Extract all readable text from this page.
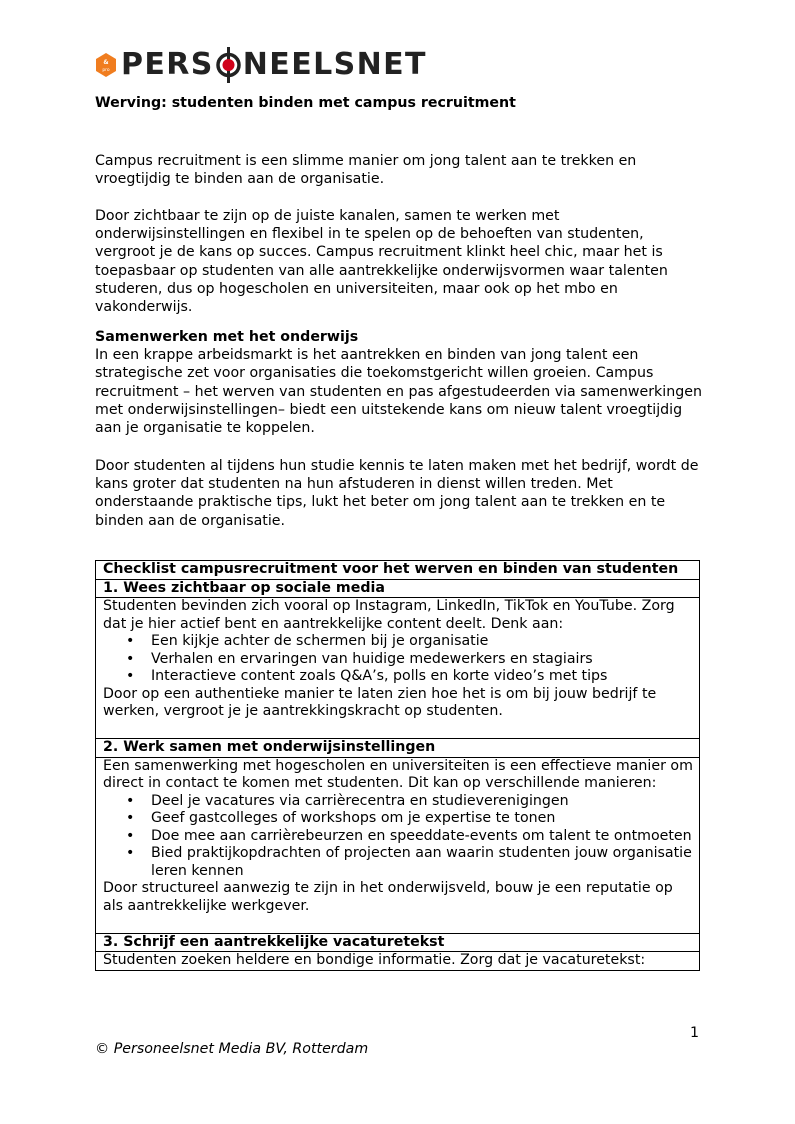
&
pro PERS NEELSNET
Werving: studenten binden met campus recruitment

Campus recruitment is een slimme manier om jong talent aan te trekken en vroegtijdig te binden aan de organisatie.

Door zichtbaar te zijn op de juiste kanalen, samen te werken met onderwijsinstellingen en flexibel in te spelen op de behoeften van studenten, vergroot je de kans op succes. Campus recruitment klinkt heel chic, maar het is toepasbaar op studenten van alle aantrekkelijke onderwijsvormen waar talenten studeren, dus op hogescholen en universiteiten, maar ook op het mbo en vakonderwijs.

Samenwerken met het onderwijs
In een krappe arbeidsmarkt is het aantrekken en binden van jong talent een strategische zet voor organisaties die toekomstgericht willen groeien. Campus recruitment – het werven van studenten en pas afgestudeerden via samenwerkingen met onderwijsinstellingen– biedt een uitstekende kans om nieuw talent vroegtijdig aan je organisatie te koppelen.

Door studenten al tijdens hun studie kennis te laten maken met het bedrijf, wordt de kans groter dat studenten na hun afstuderen in dienst willen treden. Met onderstaande praktische tips, lukt het beter om jong talent aan te trekken en te binden aan de organisatie.

Checklist campusrecruitment voor het werven en binden van studenten
1. Wees zichtbaar op sociale media

Studenten bevinden zich vooral op Instagram, LinkedIn, TikTok en YouTube. Zorg dat je hier actief bent en aantrekkelijke content deelt. Denk aan:
• Een kijkje achter de schermen bij je organisatie
• Verhalen en ervaringen van huidige medewerkers en stagiairs
• Interactieve content zoals Q&A’s, polls en korte video’s met tips
Door op een authentieke manier te laten zien hoe het is om bij jouw bedrijf te werken, vergroot je je aantrekkingskracht op studenten.

2. Werk samen met onderwijsinstellingen

Een samenwerking met hogescholen en universiteiten is een effectieve manier om direct in contact te komen met studenten. Dit kan op verschillende manieren:
• Deel je vacatures via carrièrecentra en studieverenigingen
• Geef gastcolleges of workshops om je expertise te tonen
• Doe mee aan carrièrebeurzen en speeddate-events om talent te ontmoeten
• Bied praktijkopdrachten of projecten aan waarin studenten jouw organisatie leren kennen
Door structureel aanwezig te zijn in het onderwijsveld, bouw je een reputatie op als aantrekkelijke werkgever.

3. Schrijf een aantrekkelijke vacaturetekst

Studenten zoeken heldere en bondige informatie. Zorg dat je vacaturetekst:
1
© Personeelsnet Media BV, Rotterdam
